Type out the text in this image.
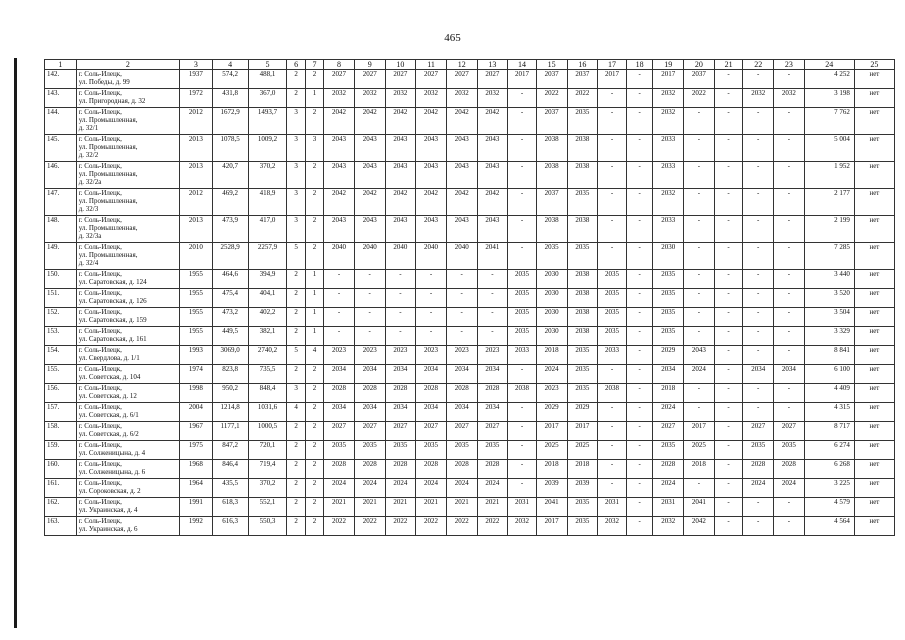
465
1	2	3	4	5	6	7	8	9	10	11	12	13	14	15	16	17	18	19	20	21	22	23	24	25
142.	г. Соль-Илецк,
ул. Победы, д. 99	1937	574,2	488,1	2	2	2027	2027	2027	2027	2027	2027	2017	2037	2037	2017	-	2017	2037	-	-	-	4 252	нет
143.	г. Соль-Илецк,
ул. Пригородная, д. 32	1972	431,8	367,0	2	1	2032	2032	2032	2032	2032	2032	-	2022	2022	-	-	2032	2022	-	2032	2032	3 198	нет
144.	г. Соль-Илецк,
ул. Промышленная,
д. 32/1	2012	1672,9	1493,7	3	2	2042	2042	2042	2042	2042	2042	-	2037	2035	-	-	2032	-	-	-	-	7 762	нет
145.	г. Соль-Илецк,
ул. Промышленная,
д. 32/2	2013	1078,5	1009,2	3	3	2043	2043	2043	2043	2043	2043	-	2038	2038	-	-	2033	-	-	-	-	5 004	нет
146.	г. Соль-Илецк,
ул. Промышленная,
д. 32/2а	2013	420,7	370,2	3	2	2043	2043	2043	2043	2043	2043	-	2038	2038	-	-	2033	-	-	-	-	1 952	нет
147.	г. Соль-Илецк,
ул. Промышленная,
д. 32/3	2012	469,2	418,9	3	2	2042	2042	2042	2042	2042	2042	-	2037	2035	-	-	2032	-	-	-	-	2 177	нет
148.	г. Соль-Илецк,
ул. Промышленная,
д. 32/3а	2013	473,9	417,0	3	2	2043	2043	2043	2043	2043	2043	-	2038	2038	-	-	2033	-	-	-	-	2 199	нет
149.	г. Соль-Илецк,
ул. Промышленная,
д. 32/4	2010	2528,9	2257,9	5	2	2040	2040	2040	2040	2040	2041	-	2035	2035	-	-	2030	-	-	-	-	7 285	нет
150.	г. Соль-Илецк,
ул. Саратовская, д. 124	1955	464,6	394,9	2	1	-	-	-	-	-	-	2035	2030	2038	2035	-	2035	-	-	-	-	3 440	нет
151.	г. Соль-Илецк,
ул. Саратовская, д. 126	1955	475,4	404,1	2	1	-	-	-	-	-	-	2035	2030	2038	2035	-	2035	-	-	-	-	3 520	нет
152.	г. Соль-Илецк,
ул. Саратовская, д. 159	1955	473,2	402,2	2	1	-	-	-	-	-	-	2035	2030	2038	2035	-	2035	-	-	-	-	3 504	нет
153.	г. Соль-Илецк,
ул. Саратовская, д. 161	1955	449,5	382,1	2	1	-	-	-	-	-	-	2035	2030	2038	2035	-	2035	-	-	-	-	3 329	нет
154.	г. Соль-Илецк,
ул. Свердлова, д. 1/1	1993	3069,0	2740,2	5	4	2023	2023	2023	2023	2023	2023	2033	2018	2035	2033	-	2029	2043	-	-	-	8 841	нет
155.	г. Соль-Илецк,
ул. Советская, д. 104	1974	823,8	735,5	2	2	2034	2034	2034	2034	2034	2034	-	2024	2035	-	-	2034	2024	-	2034	2034	6 100	нет
156.	г. Соль-Илецк,
ул. Советская, д. 12	1998	950,2	848,4	3	2	2028	2028	2028	2028	2028	2028	2038	2023	2035	2038	-	2018	-	-	-	-	4 409	нет
157.	г. Соль-Илецк,
ул. Советская, д. 6/1	2004	1214,8	1031,6	4	2	2034	2034	2034	2034	2034	2034	-	2029	2029	-	-	2024	-	-	-	-	4 315	нет
158.	г. Соль-Илецк,
ул. Советская, д. 6/2	1967	1177,1	1000,5	2	2	2027	2027	2027	2027	2027	2027	-	2017	2017	-	-	2027	2017	-	2027	2027	8 717	нет
159.	г. Соль-Илецк,
ул. Солженицына, д. 4	1975	847,2	720,1	2	2	2035	2035	2035	2035	2035	2035	-	2025	2025	-	-	2035	2025	-	2035	2035	6 274	нет
160.	г. Соль-Илецк,
ул. Солженицына, д. 6	1968	846,4	719,4	2	2	2028	2028	2028	2028	2028	2028	-	2018	2018	-	-	2028	2018	-	2028	2028	6 268	нет
161.	г. Соль-Илецк,
ул. Сороковская, д. 2	1964	435,5	370,2	2	2	2024	2024	2024	2024	2024	2024	-	2039	2039	-	-	2024	-	-	2024	2024	3 225	нет
162.	г. Соль-Илецк,
ул. Украинская, д. 4	1991	618,3	552,1	2	2	2021	2021	2021	2021	2021	2021	2031	2041	2035	2031	-	2031	2041	-	-	-	4 579	нет
163.	г. Соль-Илецк,
ул. Украинская, д. 6	1992	616,3	550,3	2	2	2022	2022	2022	2022	2022	2022	2032	2017	2035	2032	-	2032	2042	-	-	-	4 564	нет
